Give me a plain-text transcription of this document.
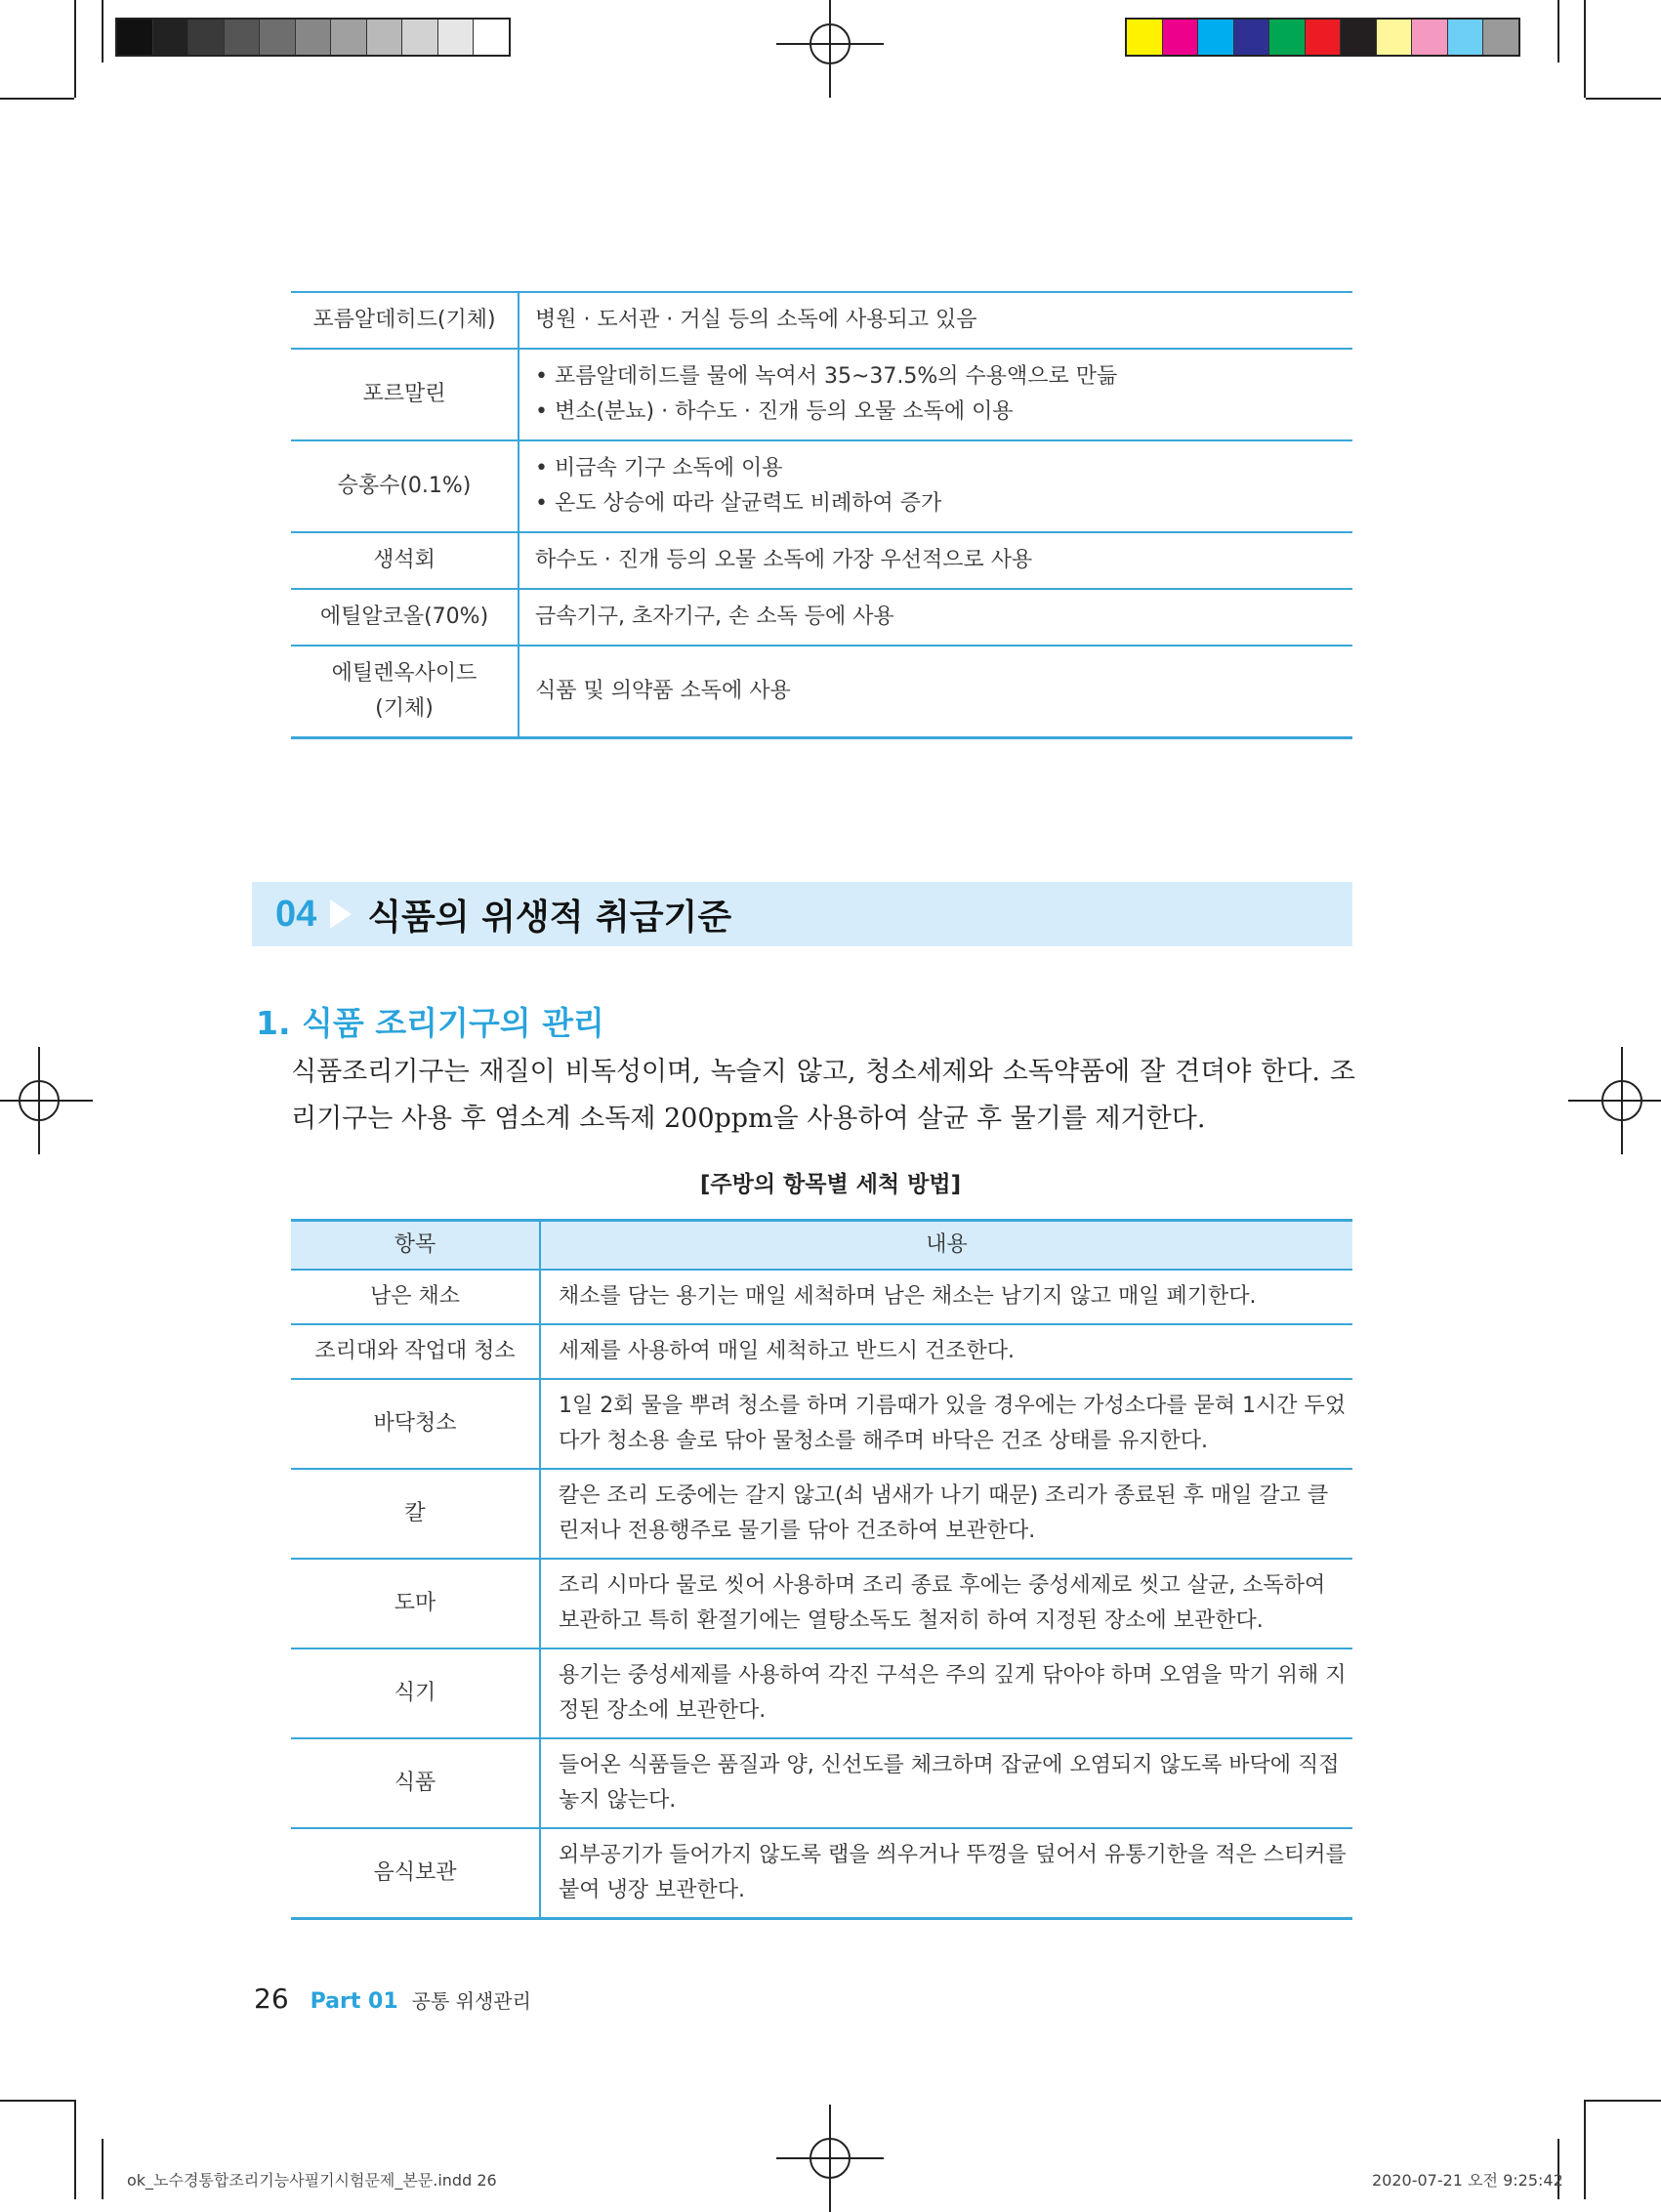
포름알데히드(기체)	병원 · 도서관 · 거실 등의 소독에 사용되고 있음

포르말린	• 포름알데히드를 물에 녹여서 35~37.5%의 수용액으로 만듦
• 변소(분뇨) · 하수도 · 진개 등의 오물 소독에 이용

승홍수(0.1%)	• 비금속 기구 소독에 이용
• 온도 상승에 따라 살균력도 비례하여 증가

생석회	하수도 · 진개 등의 오물 소독에 가장 우선적으로 사용

에틸알코올(70%)	금속기구, 초자기구, 손 소독 등에 사용

에틸렌옥사이드
(기체)	식품 및 의약품 소독에 사용
04 식품의 위생적 취급기준
1. 식품 조리기구의 관리
식품조리기구는 재질이 비독성이며, 녹슬지 않고, 청소세제와 소독약품에 잘 견뎌야 한다. 조리기구는 사용 후 염소계 소독제 200ppm을 사용하여 살균 후 물기를 제거한다.
[주방의 항목별 세척 방법]
항목	내용
남은 채소	채소를 담는 용기는 매일 세척하며 남은 채소는 남기지 않고 매일 폐기한다.
조리대와 작업대 청소	세제를 사용하여 매일 세척하고 반드시 건조한다.
바닥청소	1일 2회 물을 뿌려 청소를 하며 기름때가 있을 경우에는 가성소다를 묻혀 1시간 두었다가 청소용 솔로 닦아 물청소를 해주며 바닥은 건조 상태를 유지한다.
칼	칼은 조리 도중에는 갈지 않고(쇠 냄새가 나기 때문) 조리가 종료된 후 매일 갈고 클린저나 전용행주로 물기를 닦아 건조하여 보관한다.
도마	조리 시마다 물로 씻어 사용하며 조리 종료 후에는 중성세제로 씻고 살균, 소독하여 보관하고 특히 환절기에는 열탕소독도 철저히 하여 지정된 장소에 보관한다.
식기	용기는 중성세제를 사용하여 각진 구석은 주의 깊게 닦아야 하며 오염을 막기 위해 지정된 장소에 보관한다.
식품	들어온 식품들은 품질과 양, 신선도를 체크하며 잡균에 오염되지 않도록 바닥에 직접 놓지 않는다.
음식보관	외부공기가 들어가지 않도록 랩을 씌우거나 뚜껑을 덮어서 유통기한을 적은 스티커를 붙여 냉장 보관한다.
26 Part 01 공통 위생관리
ok_노수경통합조리기능사필기시험문제_본문.indd 26	2020-07-21 오전 9:25:42
